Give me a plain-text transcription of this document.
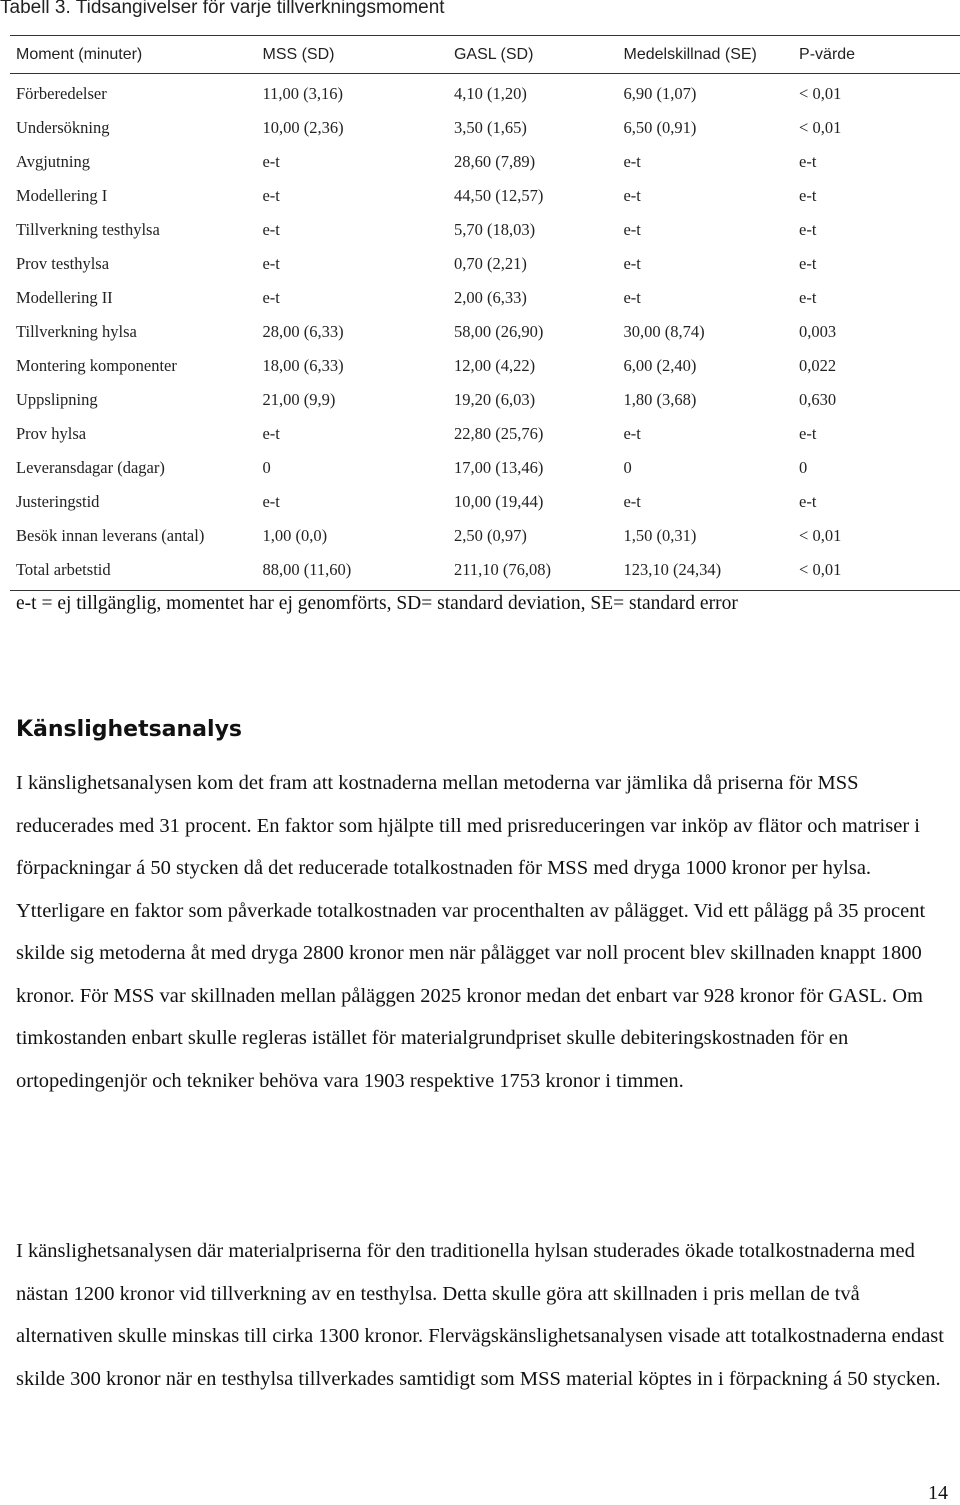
Tabell 3. Tidsangivelser för varje tillverkningsmoment
Moment (minuter)	MSS (SD)	GASL (SD)	Medelskillnad (SE)	P-värde
Förberedelser	11,00 (3,16)	4,10 (1,20)	6,90 (1,07)	< 0,01
Undersökning	10,00 (2,36)	3,50 (1,65)	6,50 (0,91)	< 0,01
Avgjutning	e-t	28,60 (7,89)	e-t	e-t
Modellering I	e-t	44,50 (12,57)	e-t	e-t
Tillverkning testhylsa	e-t	5,70 (18,03)	e-t	e-t
Prov testhylsa	e-t	0,70 (2,21)	e-t	e-t
Modellering II	e-t	2,00 (6,33)	e-t	e-t
Tillverkning hylsa	28,00 (6,33)	58,00 (26,90)	30,00 (8,74)	0,003
Montering komponenter	18,00 (6,33)	12,00 (4,22)	6,00 (2,40)	0,022
Uppslipning	21,00 (9,9)	19,20 (6,03)	1,80 (3,68)	0,630
Prov hylsa	e-t	22,80 (25,76)	e-t	e-t
Leveransdagar (dagar)	0	17,00 (13,46)	0	0
Justeringstid	e-t	10,00 (19,44)	e-t	e-t
Besök innan leverans (antal)	1,00 (0,0)	2,50 (0,97)	1,50 (0,31)	< 0,01
Total arbetstid	88,00 (11,60)	211,10 (76,08)	123,10 (24,34)	< 0,01
e-t = ej tillgänglig, momentet har ej genomförts, SD= standard deviation, SE= standard error
Känslighetsanalys

I känslighetsanalysen kom det fram att kostnaderna mellan metoderna var jämlika då priserna för MSS reducerades med 31 procent. En faktor som hjälpte till med prisreduceringen var inköp av flätor och matriser i förpackningar á 50 stycken då det reducerade totalkostnaden för MSS med dryga 1000 kronor per hylsa. Ytterligare en faktor som påverkade totalkostnaden var procenthalten av pålägget. Vid ett pålägg på 35 procent skilde sig metoderna åt med dryga 2800 kronor men när pålägget var noll procent blev skillnaden knappt 1800 kronor. För MSS var skillnaden mellan påläggen 2025 kronor medan det enbart var 928 kronor för GASL. Om timkostanden enbart skulle regleras istället för materialgrundpriset skulle debiteringskostnaden för en ortopedingenjör och tekniker behöva vara 1903 respektive 1753 kronor i timmen.

I känslighetsanalysen där materialpriserna för den traditionella hylsan studerades ökade totalkostnaderna med nästan 1200 kronor vid tillverkning av en testhylsa. Detta skulle göra att skillnaden i pris mellan de två alternativen skulle minskas till cirka 1300 kronor. Flervägskänslighetsanalysen visade att totalkostnaderna endast skilde 300 kronor när en testhylsa tillverkades samtidigt som MSS material köptes in i förpackning á 50 stycken.

14
